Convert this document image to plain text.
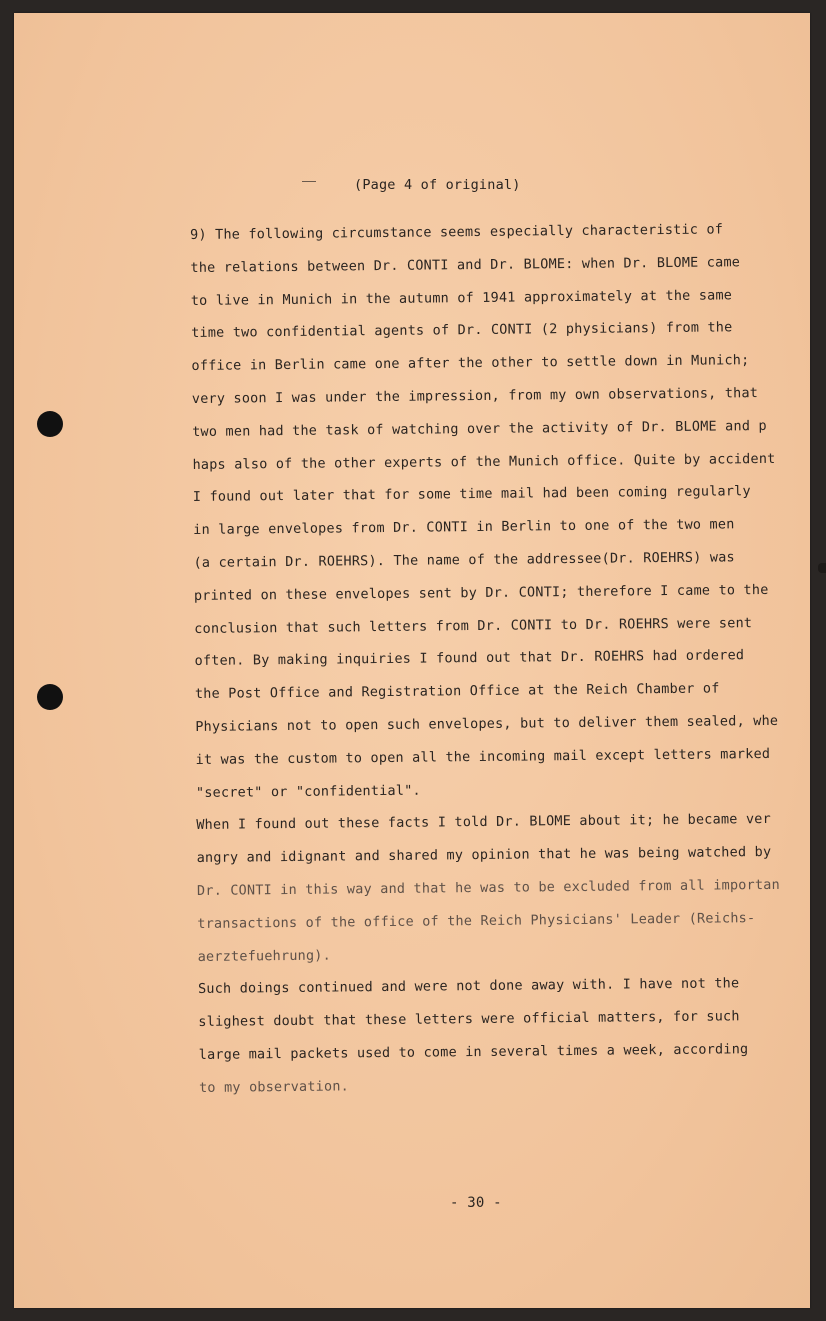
(Page 4 of original)
9) The following circumstance seems especially characteristic of
the relations between Dr. CONTI and Dr. BLOME: when Dr. BLOME came
to live in Munich in the autumn of 1941 approximately at the same
time two confidential agents of Dr. CONTI (2 physicians) from the
office in Berlin came one after the other to settle down in Munich;
very soon I was under the impression, from my own observations, that
two men had the task of watching over the activity of Dr. BLOME and p
haps also of the other experts of the Munich office. Quite by accident
I found out later that for some time mail had been coming regularly
in large envelopes from Dr. CONTI in Berlin to one of the two men
(a certain Dr. ROEHRS). The name of the addressee(Dr. ROEHRS) was
printed on these envelopes sent by Dr. CONTI; therefore I came to the
conclusion that such letters from Dr. CONTI to Dr. ROEHRS were sent
often. By making inquiries I found out that Dr. ROEHRS had ordered
the Post Office and Registration Office at the Reich Chamber of
Physicians not to open such envelopes, but to deliver them sealed, whe
it was the custom to open all the incoming mail except letters marked
"secret" or "confidential".
When I found out these facts I told Dr. BLOME about it; he became ver
angry and idignant and shared my opinion that he was being watched by
Dr. CONTI in this way and that he was to be excluded from all importan
transactions of the office of the Reich Physicians' Leader (Reichs-
aerztefuehrung).
Such doings continued and were not done away with. I have not the
slighest doubt that these letters were official matters, for such
large mail packets used to come in several times a week, according
to my observation.
- 30 -
